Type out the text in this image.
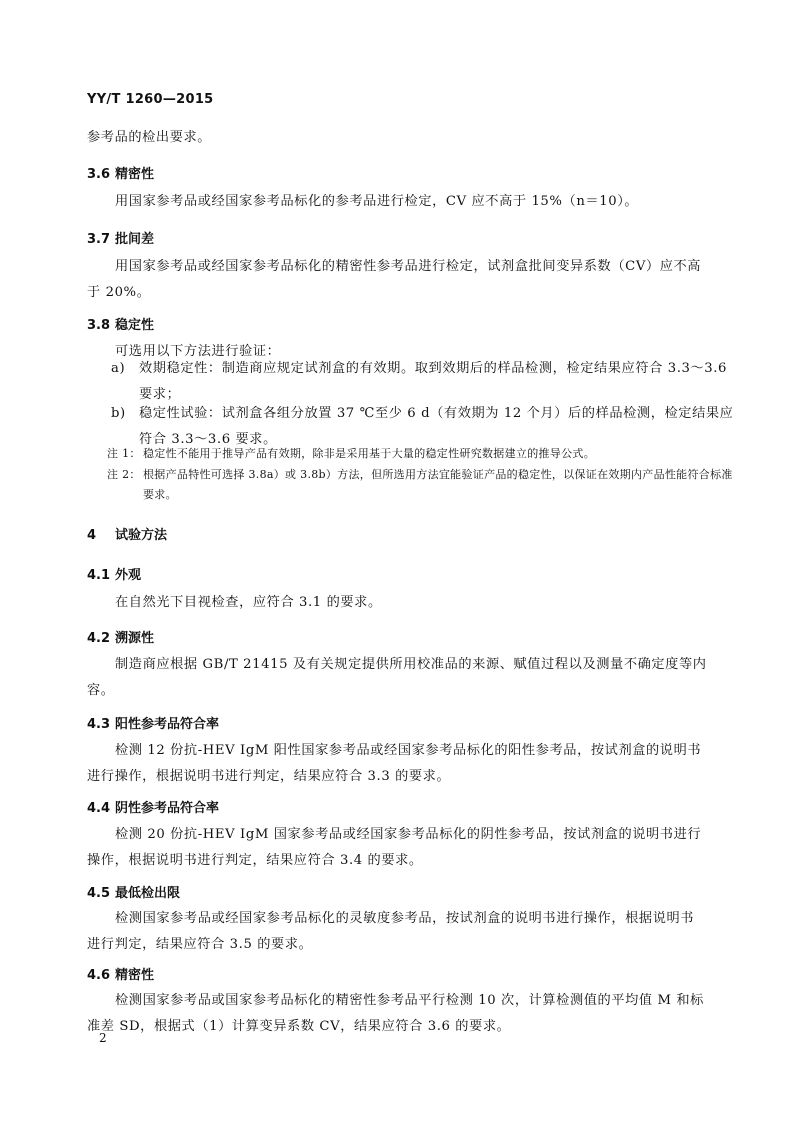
YY/T 1260—2015
参考品的检出要求。
3.6 精密性
用国家参考品或经国家参考品标化的参考品进行检定，CV 应不高于 15%（n＝10）。
3.7 批间差
用国家参考品或经国家参考品标化的精密性参考品进行检定，试剂盒批间变异系数（CV）应不高于 20%。
3.8 稳定性
可选用以下方法进行验证：
a) 效期稳定性：制造商应规定试剂盒的有效期。取到效期后的样品检测，检定结果应符合 3.3～3.6 要求；
b) 稳定性试验：试剂盒各组分放置 37 ℃至少 6 d（有效期为 12 个月）后的样品检测，检定结果应符合 3.3～3.6 要求。
注 1： 稳定性不能用于推导产品有效期，除非是采用基于大量的稳定性研究数据建立的推导公式。
注 2： 根据产品特性可选择 3.8a）或 3.8b）方法，但所选用方法宜能验证产品的稳定性，以保证在效期内产品性能符合标准要求。
4 试验方法
4.1 外观
在自然光下目视检查，应符合 3.1 的要求。
4.2 溯源性
制造商应根据 GB/T 21415 及有关规定提供所用校准品的来源、赋值过程以及测量不确定度等内容。
4.3 阳性参考品符合率
检测 12 份抗-HEV IgM 阳性国家参考品或经国家参考品标化的阳性参考品，按试剂盒的说明书进行操作，根据说明书进行判定，结果应符合 3.3 的要求。
4.4 阴性参考品符合率
检测 20 份抗-HEV IgM 国家参考品或经国家参考品标化的阴性参考品，按试剂盒的说明书进行操作，根据说明书进行判定，结果应符合 3.4 的要求。
4.5 最低检出限
检测国家参考品或经国家参考品标化的灵敏度参考品，按试剂盒的说明书进行操作，根据说明书进行判定，结果应符合 3.5 的要求。
4.6 精密性
检测国家参考品或国家参考品标化的精密性参考品平行检测 10 次，计算检测值的平均值 M 和标准差 SD，根据式（1）计算变异系数 CV，结果应符合 3.6 的要求。
2
